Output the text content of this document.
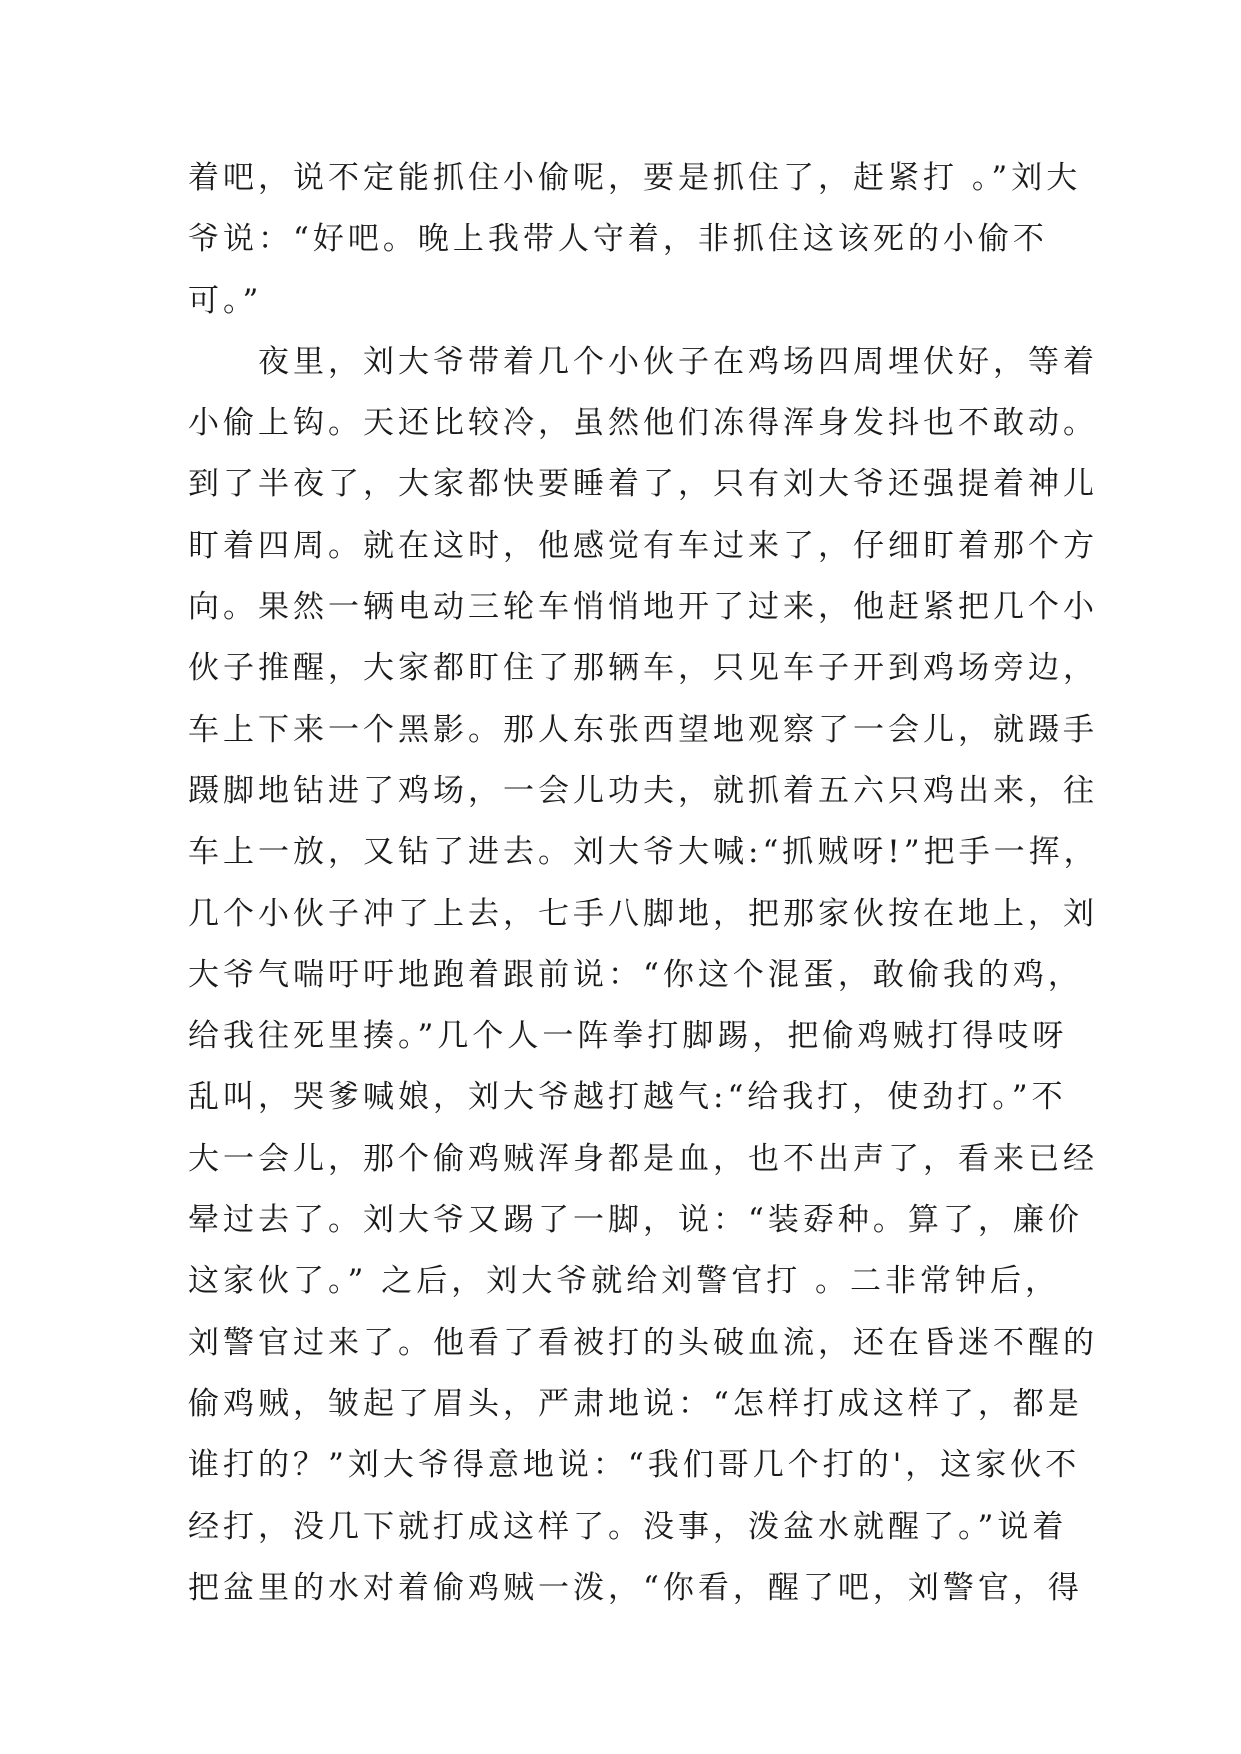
着吧，说不定能抓住小偷呢，要是抓住了，赶紧打 。”刘大
爷说：“好吧。晚上我带人守着，非抓住这该死的小偷不
可。”
夜里，刘大爷带着几个小伙子在鸡场四周埋伏好，等着
小偷上钩。天还比较冷，虽然他们冻得浑身发抖也不敢动。
到了半夜了，大家都快要睡着了，只有刘大爷还强提着神儿
盯着四周。就在这时，他感觉有车过来了，仔细盯着那个方
向。果然一辆电动三轮车悄悄地开了过来，他赶紧把几个小
伙子推醒，大家都盯住了那辆车，只见车子开到鸡场旁边，
车上下来一个黑影。那人东张西望地观察了一会儿，就蹑手
蹑脚地钻进了鸡场，一会儿功夫，就抓着五六只鸡出来，往
车上一放，又钻了进去。刘大爷大喊:“抓贼呀!”把手一挥，
几个小伙子冲了上去，七手八脚地，把那家伙按在地上，刘
大爷气喘吁吁地跑着跟前说：“你这个混蛋，敢偷我的鸡，
给我往死里揍。”几个人一阵拳打脚踢，把偷鸡贼打得吱呀
乱叫，哭爹喊娘，刘大爷越打越气:“给我打，使劲打。”不
大一会儿，那个偷鸡贼浑身都是血，也不出声了，看来已经
晕过去了。刘大爷又踢了一脚，说：“装孬种。算了，廉价
这家伙了。” 之后，刘大爷就给刘警官打 。二非常钟后，
刘警官过来了。他看了看被打的头破血流，还在昏迷不醒的
偷鸡贼，皱起了眉头，严肃地说：“怎样打成这样了，都是
谁打的？”刘大爷得意地说：“我们哥几个打的'，这家伙不
经打，没几下就打成这样了。没事，泼盆水就醒了。”说着
把盆里的水对着偷鸡贼一泼，“你看，醒了吧，刘警官，得
